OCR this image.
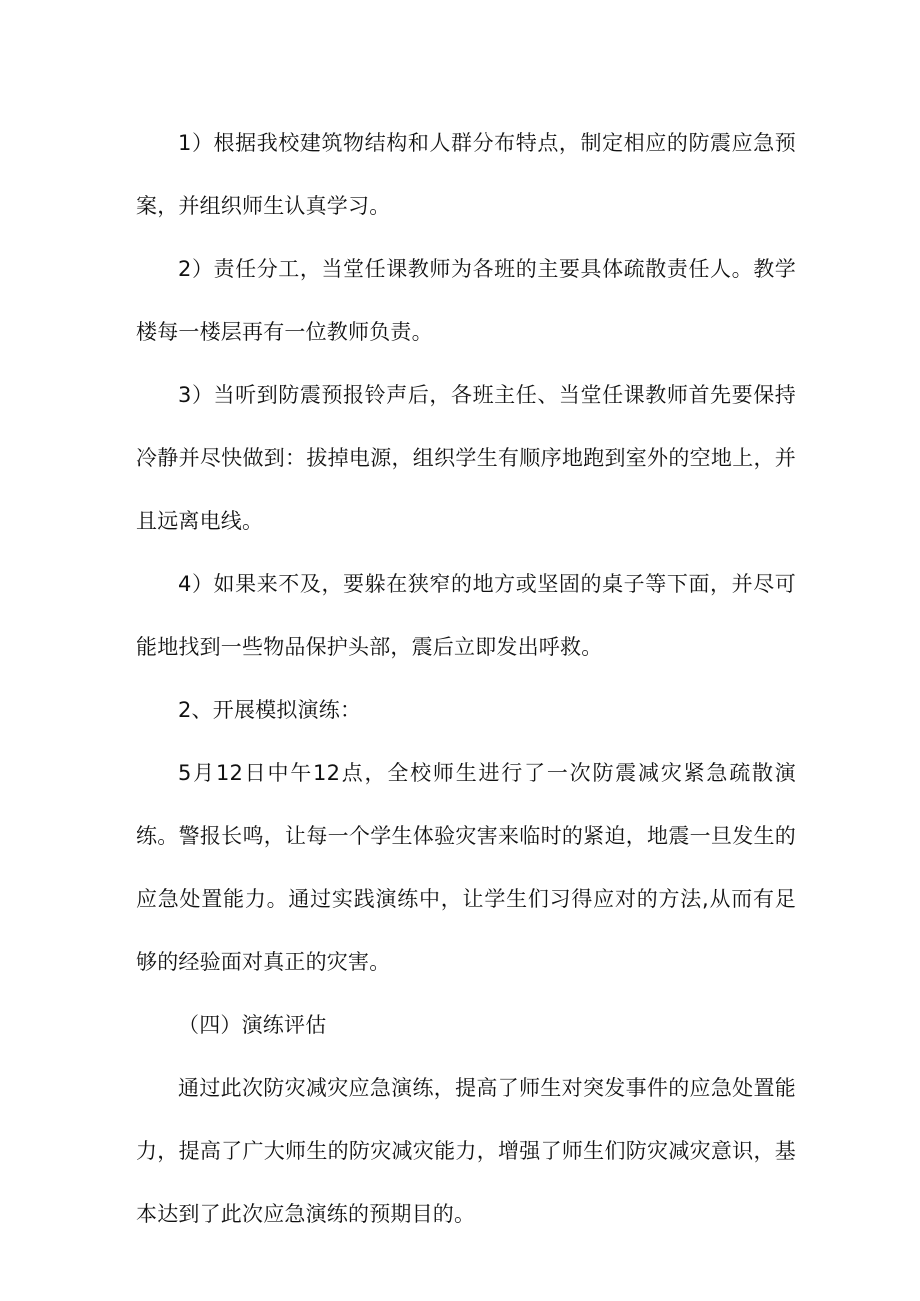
1）根据我校建筑物结构和人群分布特点，制定相应的防震应急预案，并组织师生认真学习。

2）责任分工，当堂任课教师为各班的主要具体疏散责任人。教学楼每一楼层再有一位教师负责。

3）当听到防震预报铃声后，各班主任、当堂任课教师首先要保持冷静并尽快做到：拔掉电源，组织学生有顺序地跑到室外的空地上，并且远离电线。

4）如果来不及，要躲在狭窄的地方或坚固的桌子等下面，并尽可能地找到一些物品保护头部，震后立即发出呼救。

2、开展模拟演练：

5月12日中午12点，全校师生进行了一次防震减灾紧急疏散演练。警报长鸣，让每一个学生体验灾害来临时的紧迫，地震一旦发生的应急处置能力。通过实践演练中，让学生们习得应对的方法,从而有足够的经验面对真正的灾害。

（四）演练评估

通过此次防灾减灾应急演练，提高了师生对突发事件的应急处置能力，提高了广大师生的防灾减灾能力，增强了师生们防灾减灾意识，基本达到了此次应急演练的预期目的。
